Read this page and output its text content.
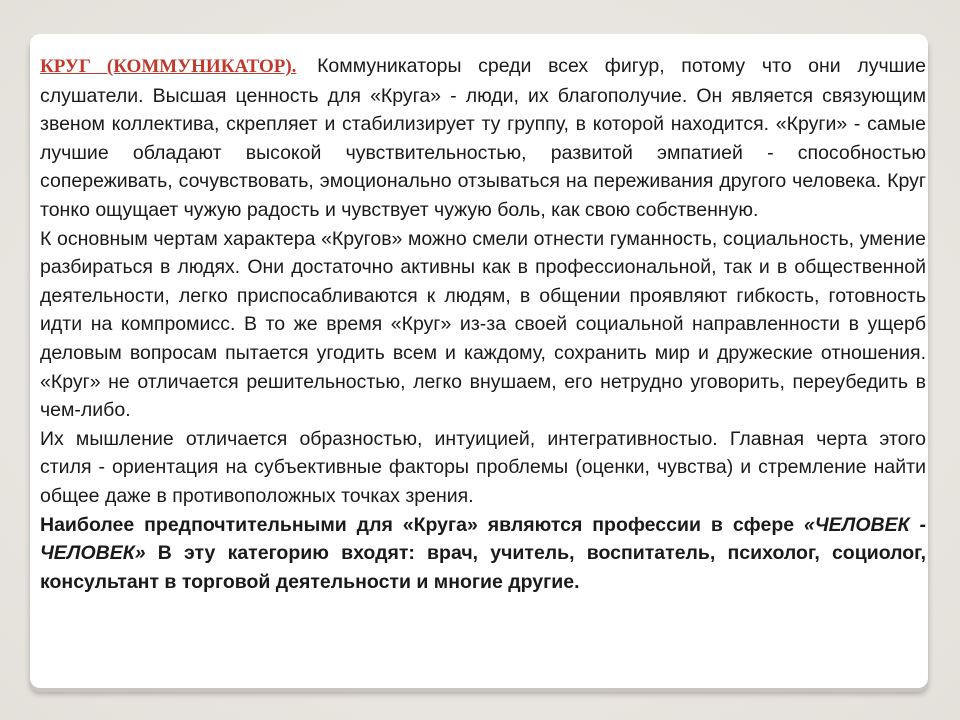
КРУГ (КОММУНИКАТОР). Коммуникаторы среди всех фигур, потому что они лучшие слушатели. Высшая ценность для «Круга» - люди, их благополучие. Он является связующим звеном коллектива, скрепляет и стабилизирует ту группу, в которой находится. «Круги» - самые лучшие обладают высокой чувствительностью, развитой эмпатией - способностью сопереживать, сочувствовать, эмоционально отзываться на переживания другого человека. Круг тонко ощущает чужую радость и чувствует чужую боль, как свою собственную.

К основным чертам характера «Кругов» можно смели отнести гуманность, социальность, умение разбираться в людях. Они достаточно активны как в профессиональной, так и в общественной деятельности, легко приспосабливаются к людям, в общении проявляют гибкость, готовность идти на компромисс. В то же время «Круг» из-за своей социальной направленности в ущерб деловым вопросам пытается угодить всем и каждому, сохранить мир и дружеские отношения. «Круг» не отличается решительностью, легко внушаем, его нетрудно уговорить, переубедить в чем-либо.

Их мышление отличается образностью, интуицией, интегративностыо. Главная черта этого стиля - ориентация на субъективные факторы проблемы (оценки, чувства) и стремление найти общее даже в противоположных точках зрения.

Наиболее предпочтительными для «Круга» являются профессии в сфере «ЧЕЛОВЕК - ЧЕЛОВЕК» В эту категорию входят: врач, учитель, воспитатель, психолог, социолог, консультант в торговой деятельности и многие другие.
